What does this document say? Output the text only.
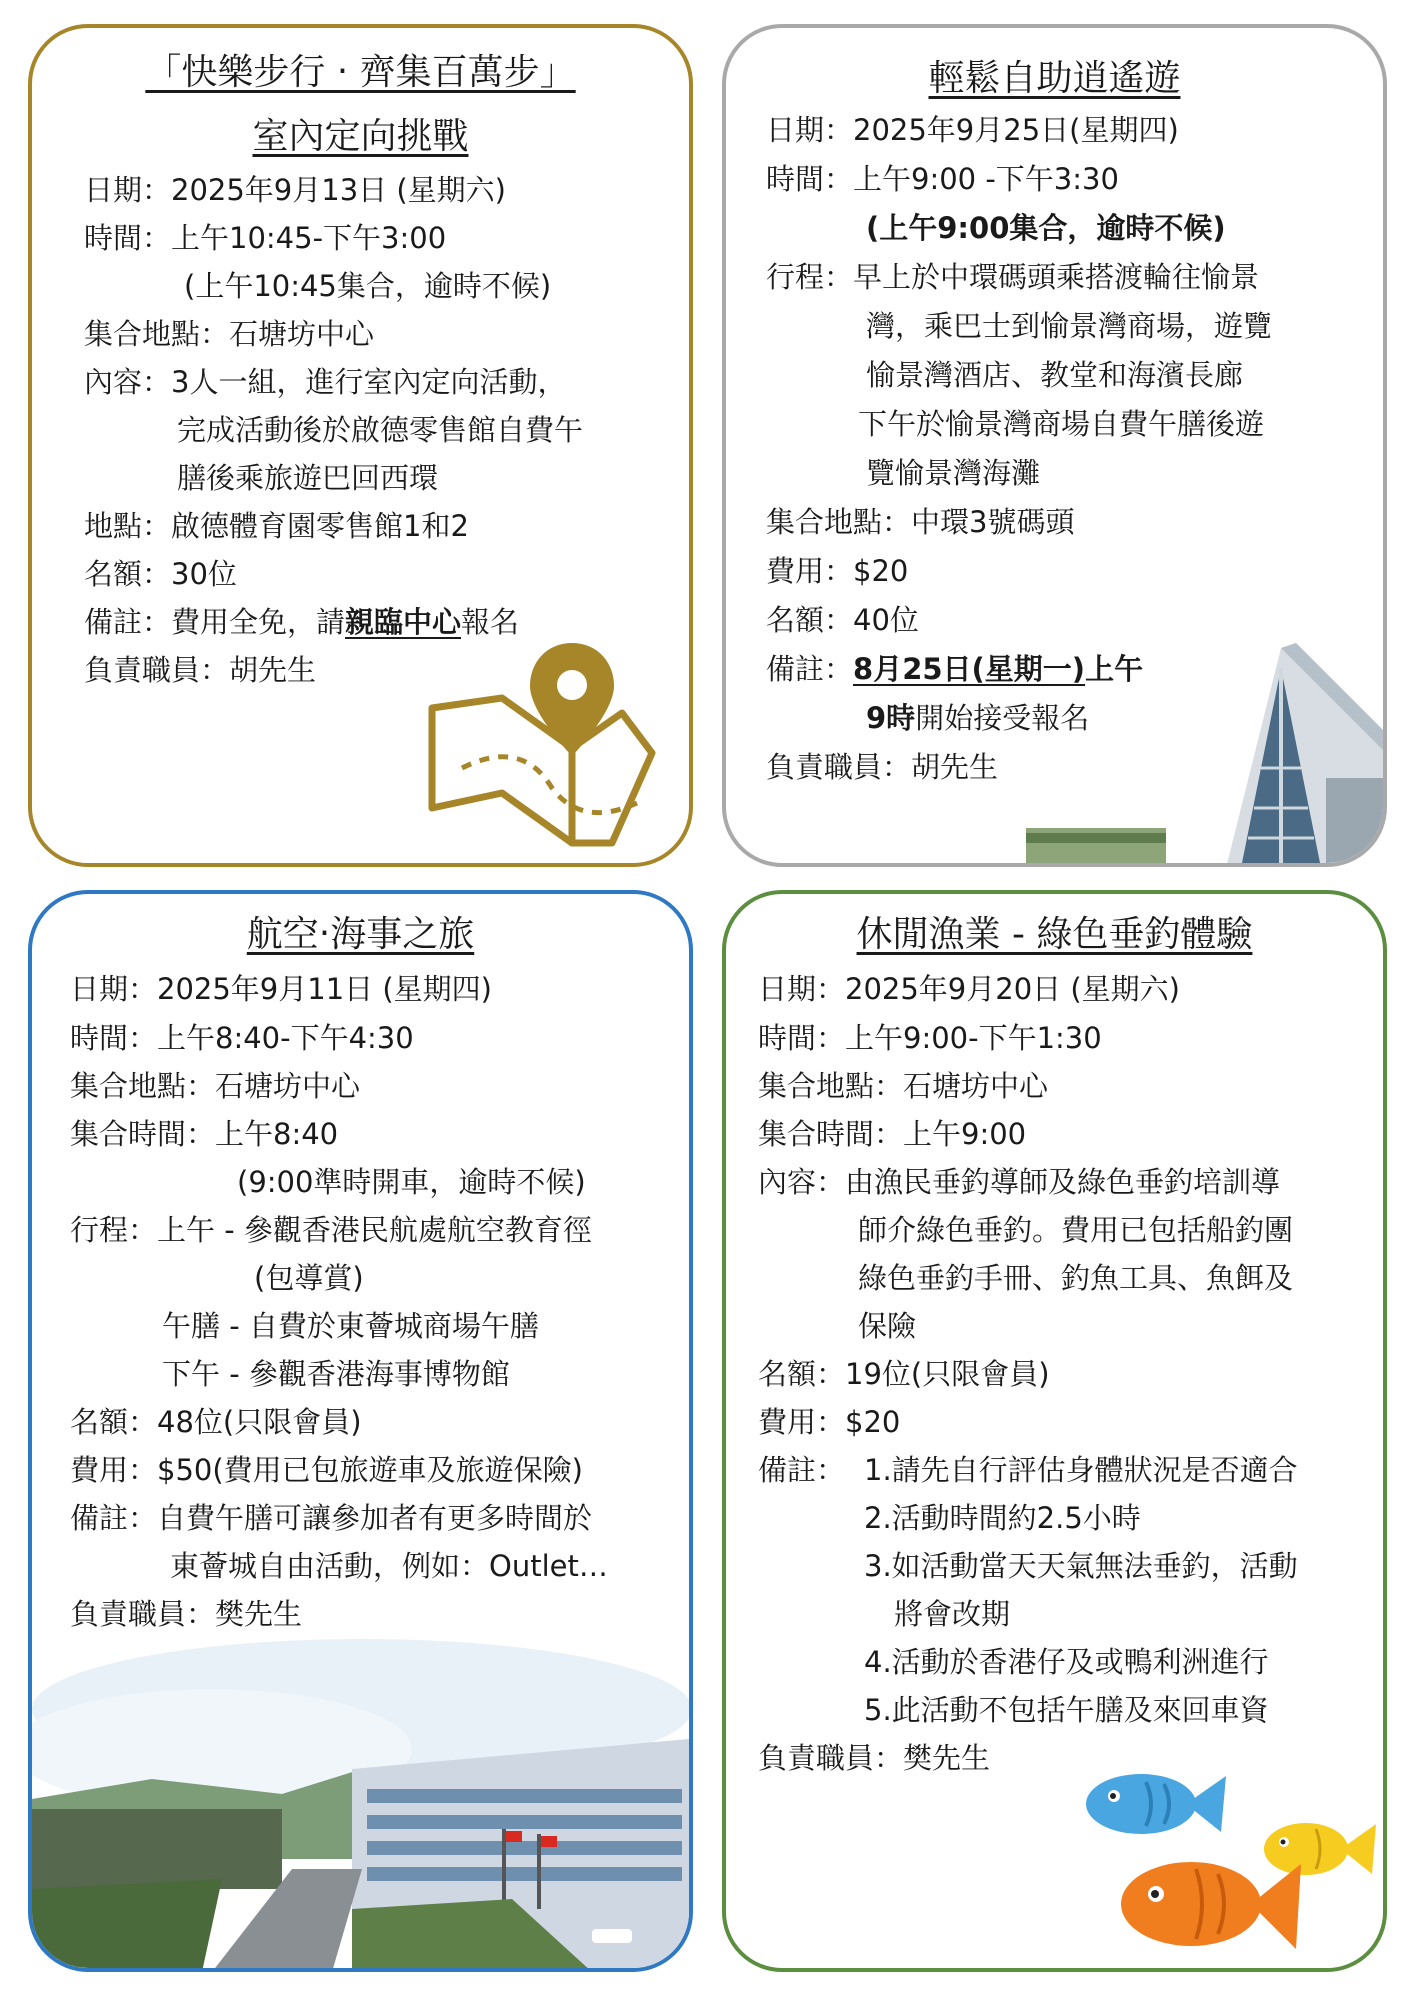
「快樂步行 ‧ 齊集百萬步」
室內定向挑戰
日期：2025年9月13日 (星期六)
時間：上午10:45-下午3:00
(上午10:45集合，逾時不候)
集合地點：石塘坊中心
內容：3人一組，進行室內定向活動，
完成活動後於啟德零售館自費午
膳後乘旅遊巴回西環
地點：啟德體育園零售館1和2
名額：30位
備註：費用全免，請親臨中心報名
負責職員：胡先生
輕鬆自助逍遙遊
日期：2025年9月25日(星期四)
時間：上午9:00 -下午3:30
(上午9:00集合，逾時不候)
行程：早上於中環碼頭乘搭渡輪往愉景
灣，乘巴士到愉景灣商場，遊覽
愉景灣酒店、教堂和海濱長廊
下午於愉景灣商場自費午膳後遊
覽愉景灣海灘
集合地點：中環3號碼頭
費用：$20
名額：40位
備註：8月25日(星期一)上午
9時開始接受報名
負責職員：胡先生
航空‧海事之旅
日期：2025年9月11日 (星期四)
時間：上午8:40-下午4:30
集合地點：石塘坊中心
集合時間：上午8:40
(9:00準時開車，逾時不候)
行程：上午 - 參觀香港民航處航空教育徑
(包導賞)
午膳 - 自費於東薈城商場午膳
下午 - 參觀香港海事博物館
名額：48位(只限會員)
費用：$50(費用已包旅遊車及旅遊保險)
備註：自費午膳可讓參加者有更多時間於
東薈城自由活動，例如：Outlet…
負責職員：樊先生
休閒漁業 - 綠色垂釣體驗
日期：2025年9月20日 (星期六)
時間：上午9:00-下午1:30
集合地點：石塘坊中心
集合時間：上午9:00
內容：由漁民垂釣導師及綠色垂釣培訓導
師介綠色垂釣。費用已包括船釣團
綠色垂釣手冊、釣魚工具、魚餌及
保險
名額：19位(只限會員)
費用：$20
備註： 1.請先自行評估身體狀況是否適合
2.活動時間約2.5小時
3.如活動當天天氣無法垂釣，活動
將會改期
4.活動於香港仔及或鴨利洲進行
5.此活動不包括午膳及來回車資
負責職員：樊先生
